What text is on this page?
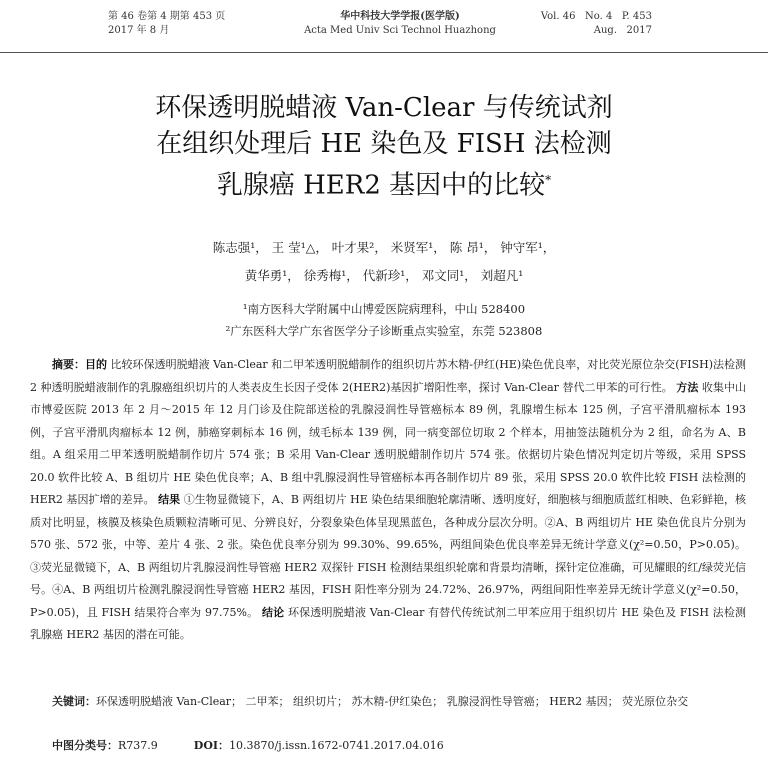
第 46 卷第 4 期第 453 页
2017 年 8 月
华中科技大学学报(医学版)
Acta Med Univ Sci Technol Huazhong
Vol. 46   No. 4   P. 453
Aug.   2017
环保透明脱蜡液 Van-Clear 与传统试剂
在组织处理后 HE 染色及 FISH 法检测
乳腺癌 HER2 基因中的比较*
陈志强¹， 王 莹¹△， 叶才果²， 米贤军¹， 陈 昂¹， 钟守军¹，
黄华勇¹， 徐秀梅¹， 代新珍¹， 邓文同¹， 刘超凡¹
¹南方医科大学附属中山博爱医院病理科，中山 528400
²广东医科大学广东省医学分子诊断重点实验室，东莞 523808
摘要：目的 比较环保透明脱蜡液 Van-Clear 和二甲苯透明脱蜡制作的组织切片苏木精-伊红(HE)染色优良率，对比荧光原位杂交(FISH)法检测 2 种透明脱蜡液制作的乳腺癌组织切片的人类表皮生长因子受体 2(HER2)基因扩增阳性率，探讨 Van-Clear 替代二甲苯的可行性。 方法 收集中山市博爱医院 2013 年 2 月～2015 年 12 月门诊及住院部送检的乳腺浸润性导管癌标本 89 例，乳腺增生标本 125 例，子宫平滑肌瘤标本 193 例，子宫平滑肌肉瘤标本 12 例，肺癌穿刺标本 16 例，绒毛标本 139 例，同一病变部位切取 2 个样本，用抽签法随机分为 2 组，命名为 A、B 组。A 组采用二甲苯透明脱蜡制作切片 574 张；B 采用 Van-Clear 透明脱蜡制作切片 574 张。依据切片染色情况判定切片等级，采用 SPSS 20.0 软件比较 A、B 组切片 HE 染色优良率；A、B 组中乳腺浸润性导管癌标本再各制作切片 89 张，采用 SPSS 20.0 软件比较 FISH 法检测的 HER2 基因扩增的差异。 结果 ①生物显微镜下，A、B 两组切片 HE 染色结果细胞轮廓清晰、透明度好，细胞核与细胞质蓝红相映、色彩鲜艳，核质对比明显，核膜及核染色质颗粒清晰可见、分辨良好，分裂象染色体呈现黑蓝色，各种成分层次分明。②A、B 两组切片 HE 染色优良片分别为 570 张、572 张，中等、差片 4 张、2 张。染色优良率分别为 99.30%、99.65%，两组间染色优良率差异无统计学意义(χ²=0.50，P>0.05)。③荧光显微镜下，A、B 两组切片乳腺浸润性导管癌 HER2 双探针 FISH 检测结果组织轮廓和背景均清晰，探针定位准确，可见耀眼的红/绿荧光信号。④A、B 两组切片检测乳腺浸润性导管癌 HER2 基因，FISH 阳性率分别为 24.72%、26.97%，两组间阳性率差异无统计学意义(χ²=0.50，P>0.05)，且 FISH 结果符合率为 97.75%。 结论 环保透明脱蜡液 Van-Clear 有替代传统试剂二甲苯应用于组织切片 HE 染色及 FISH 法检测乳腺癌 HER2 基因的潜在可能。
关键词：环保透明脱蜡液 Van-Clear； 二甲苯； 组织切片； 苏木精-伊红染色； 乳腺浸润性导管癌； HER2 基因； 荧光原位杂交
中图分类号：R737.9	DOI：10.3870/j.issn.1672-0741.2017.04.016
